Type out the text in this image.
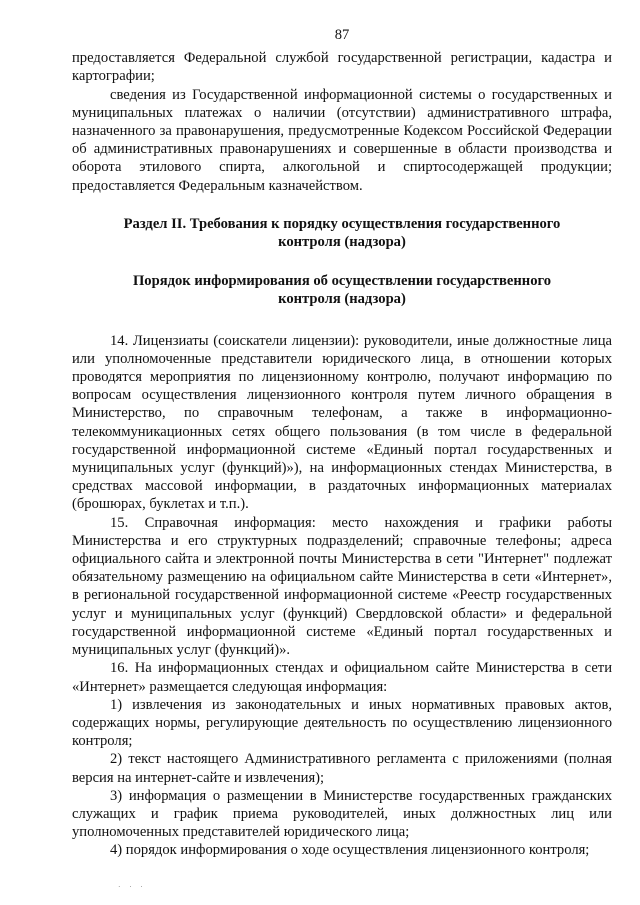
87

предоставляется Федеральной службой государственной регистрации, кадастра и картографии;

сведения из Государственной информационной системы о государственных и муниципальных платежах о наличии (отсутствии) административного штрафа, назначенного за правонарушения, предусмотренные Кодексом Российской Федерации об административных правонарушениях и совершенные в области производства и оборота этилового спирта, алкогольной и спиртосодержащей продукции; предоставляется Федеральным казначейством.

Раздел II. Требования к порядку осуществления государственного контроля (надзора)

Порядок информирования об осуществлении государственного контроля (надзора)

14. Лицензиаты (соискатели лицензии): руководители, иные должностные лица или уполномоченные представители юридического лица, в отношении которых проводятся мероприятия по лицензионному контролю, получают информацию по вопросам осуществления лицензионного контроля путем личного обращения в Министерство, по справочным телефонам, а также в информационно-телекоммуникационных сетях общего пользования (в том числе в федеральной государственной информационной системе «Единый портал государственных и муниципальных услуг (функций)»), на информационных стендах Министерства, в средствах массовой информации, в раздаточных информационных материалах (брошюрах, буклетах и т.п.).

15. Справочная информация: место нахождения и графики работы Министерства и его структурных подразделений; справочные телефоны; адреса официального сайта и электронной почты Министерства в сети "Интернет" подлежат обязательному размещению на официальном сайте Министерства в сети «Интернет», в региональной государственной информационной системе «Реестр государственных услуг и муниципальных услуг (функций) Свердловской области» и федеральной государственной информационной системе «Единый портал государственных и муниципальных услуг (функций)».

16. На информационных стендах и официальном сайте Министерства в сети «Интернет» размещается следующая информация:

1) извлечения из законодательных и иных нормативных правовых актов, содержащих нормы, регулирующие деятельность по осуществлению лицензионного контроля;

2) текст настоящего Административного регламента с приложениями (полная версия на интернет-сайте и извлечения);

3) информация о размещении в Министерстве государственных гражданских служащих и график приема руководителей, иных должностных лиц или уполномоченных представителей юридического лица;

4) порядок информирования о ходе осуществления лицензионного контроля;

. . .
